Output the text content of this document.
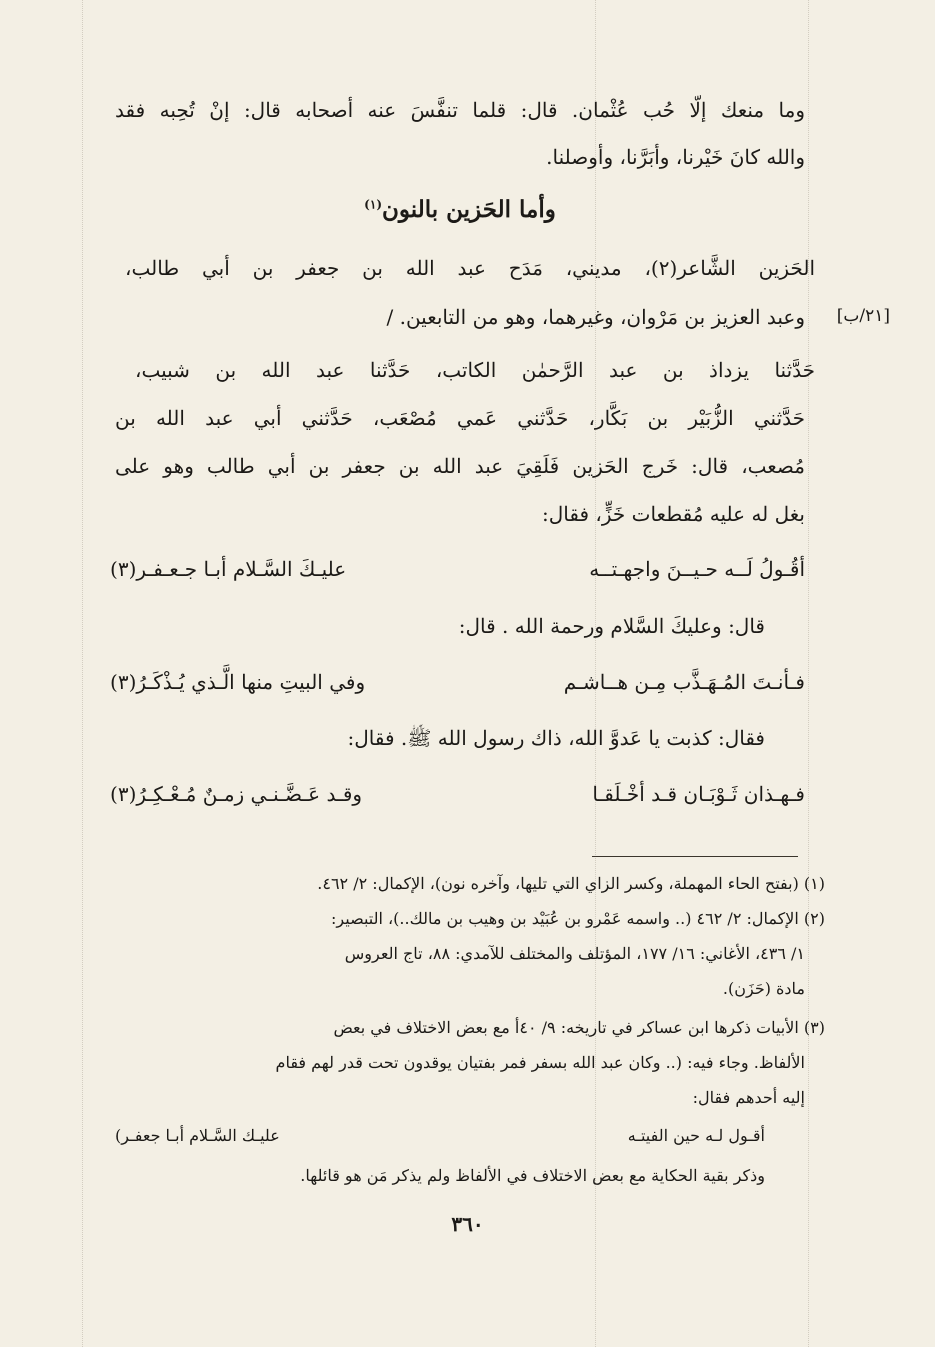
وما منعك إلّا حُب عُثْمان. قال: قلما تنفَّسَ عنه أصحابه قال: إنْ تُحِبه فقد
والله كانَ خَيْرنا، وأبَرَّنا، وأوصلنا.
وأما الحَزين بالنون$^{(١)}$
الحَزين الشَّاعر(٢)، مديني، مَدَح عبد الله بن جعفر بن أبي طالب،
وعبد العزيز بن مَرْوان، وغيرهما، وهو من التابعين. /	[٢١/ب]
حَدَّثنا يزداذ بن عبد الرَّحمٰن الكاتب، حَدَّثنا عبد الله بن شبيب،
حَدَّثني الزُّبَيْر بن بَكَّار، حَدَّثني عَمي مُصْعَب، حَدَّثني أبي عبد الله بن
مُصعب، قال: خَرج الحَزين فَلَقِيَ عبد الله بن جعفر بن أبي طالب وهو على
بغل له عليه مُقطعات خَزٍّ، فقال:
أقُـولُ لَــه حـيــنَ واجهـتــه
عليـكَ السَّـلام أبـا جـعـفـر(٣)
قال: وعليكَ السَّلام ورحمة الله . قال:
فـأنـتَ المُـهَـذَّب مِـن هــاشـم
وفي البيتِ منها الَّـذي يُـذْكَـرُ(٣)
فقال: كذبت يا عَدوَّ الله، ذاك رسول الله ﷺ. فقال:
فـهـذان ثَـوْبَـان قـد أخْـلَقـا
وقـد عَـضَّـنـي زمـنٌ مُـعْـكِـرُ(٣)
(١) (بفتح الحاء المهملة، وكسر الزاي التي تليها، وآخره نون)، الإكمال: ٢/ ٤٦٢.
(٢) الإكمال: ٢/ ٤٦٢ (.. واسمه عَمْرو بن عُبَيْد بن وهيب بن مالك..)، التبصير:
١/ ٤٣٦، الأغاني: ١٦/ ١٧٧، المؤتلف والمختلف للآمدي: ٨٨، تاج العروس
مادة (حَزَن).
(٣) الأبيات ذكرها ابن عساكر في تاريخه: ٩/ ٤٠أ مع بعض الاختلاف في بعض
الألفاظ. وجاء فيه: (.. وكان عبد الله بسفر فمر بفتيان يوقدون تحت قدر لهم فقام
إليه أحدهم فقال:
أقـول لـه حين الفيتـه
عليـك السَّـلام أبـا جعفـر)
وذكر بقية الحكاية مع بعض الاختلاف في الألفاظ ولم يذكر مَن هو قائلها.
٣٦٠
